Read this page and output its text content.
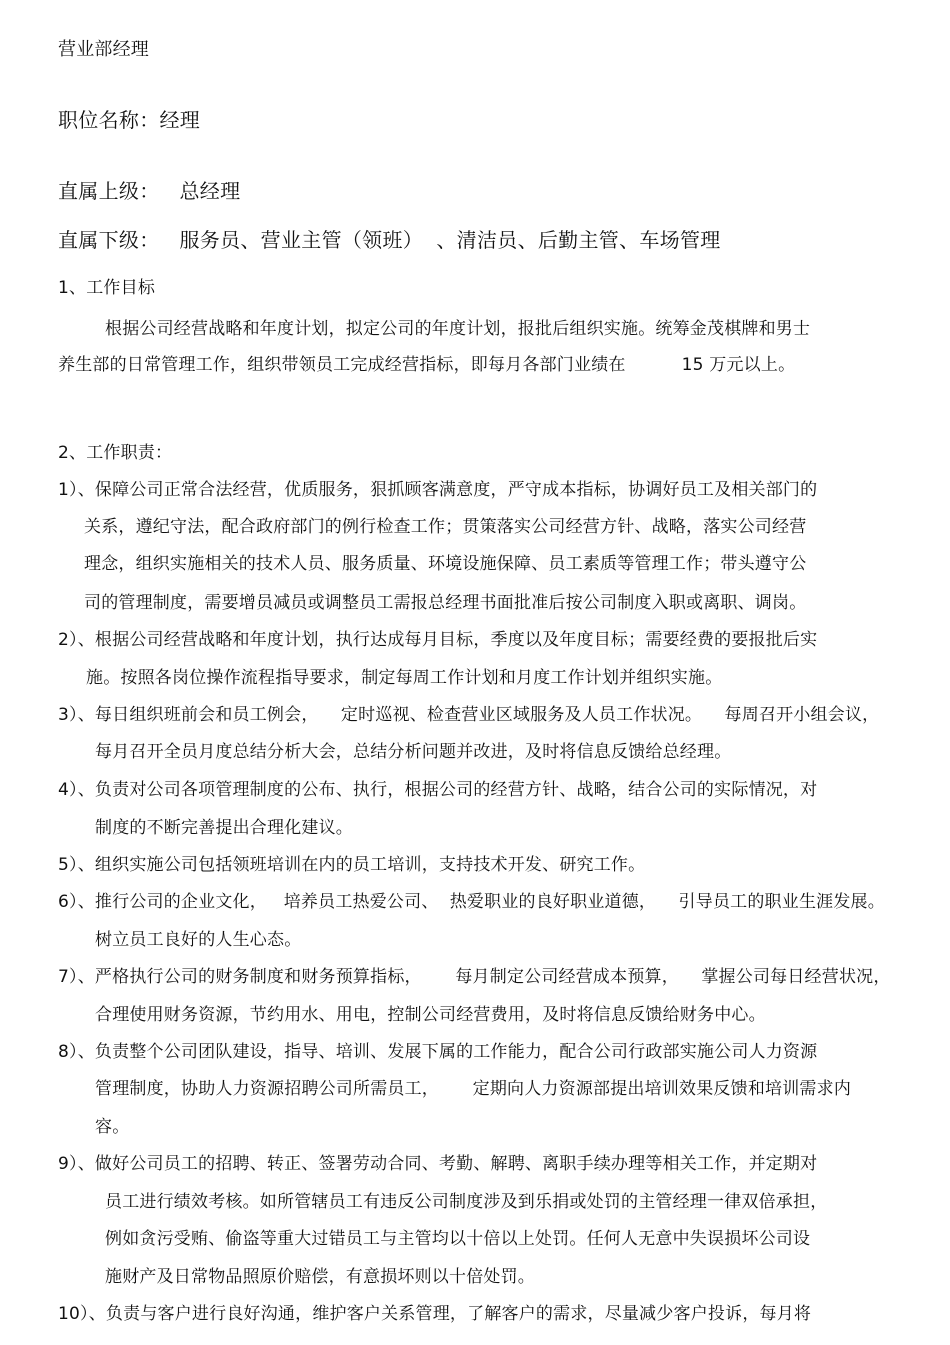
营业部经理
职位名称：经理
直属上级：   总经理
直属下级：   服务员、营业主管（领班）  、清洁员、后勤主管、车场管理
1、工作目标
根据公司经营战略和年度计划，拟定公司的年度计划，报批后组织实施。统筹金茂棋牌和男士
养生部的日常管理工作，组织带领员工完成经营指标，即每月各部门业绩在          15 万元以上。
2、工作职责：
1）、保障公司正常合法经营，优质服务，狠抓顾客满意度，严守成本指标，协调好员工及相关部门的
关系，遵纪守法，配合政府部门的例行检查工作；贯策落实公司经营方针、战略，落实公司经营
理念，组织实施相关的技术人员、服务质量、环境设施保障、员工素质等管理工作；带头遵守公
司的管理制度，需要增员减员或调整员工需报总经理书面批准后按公司制度入职或离职、调岗。
2）、根据公司经营战略和年度计划，执行达成每月目标，季度以及年度目标；需要经费的要报批后实
施。按照各岗位操作流程指导要求，制定每周工作计划和月度工作计划并组织实施。
3）、每日组织班前会和员工例会，    定时巡视、检查营业区域服务及人员工作状况。    每周召开小组会议，
每月召开全员月度总结分析大会，总结分析问题并改进，及时将信息反馈给总经理。
4）、负责对公司各项管理制度的公布、执行，根据公司的经营方针、战略，结合公司的实际情况，对
制度的不断完善提出合理化建议。
5）、组织实施公司包括领班培训在内的员工培训，支持技术开发、研究工作。
6）、推行公司的企业文化，   培养员工热爱公司、  热爱职业的良好职业道德，    引导员工的职业生涯发展。
树立员工良好的人生心态。
7）、严格执行公司的财务制度和财务预算指标，      每月制定公司经营成本预算，    掌握公司每日经营状况，
合理使用财务资源，节约用水、用电，控制公司经营费用，及时将信息反馈给财务中心。
8）、负责整个公司团队建设，指导、培训、发展下属的工作能力，配合公司行政部实施公司人力资源
管理制度，协助人力资源招聘公司所需员工，      定期向人力资源部提出培训效果反馈和培训需求内
容。
9）、做好公司员工的招聘、转正、签署劳动合同、考勤、解聘、离职手续办理等相关工作，并定期对
员工进行绩效考核。如所管辖员工有违反公司制度涉及到乐捐或处罚的主管经理一律双倍承担，
例如贪污受贿、偷盗等重大过错员工与主管均以十倍以上处罚。任何人无意中失误损坏公司设
施财产及日常物品照原价赔偿，有意损坏则以十倍处罚。
10）、负责与客户进行良好沟通，维护客户关系管理，了解客户的需求，尽量减少客户投诉，每月将
